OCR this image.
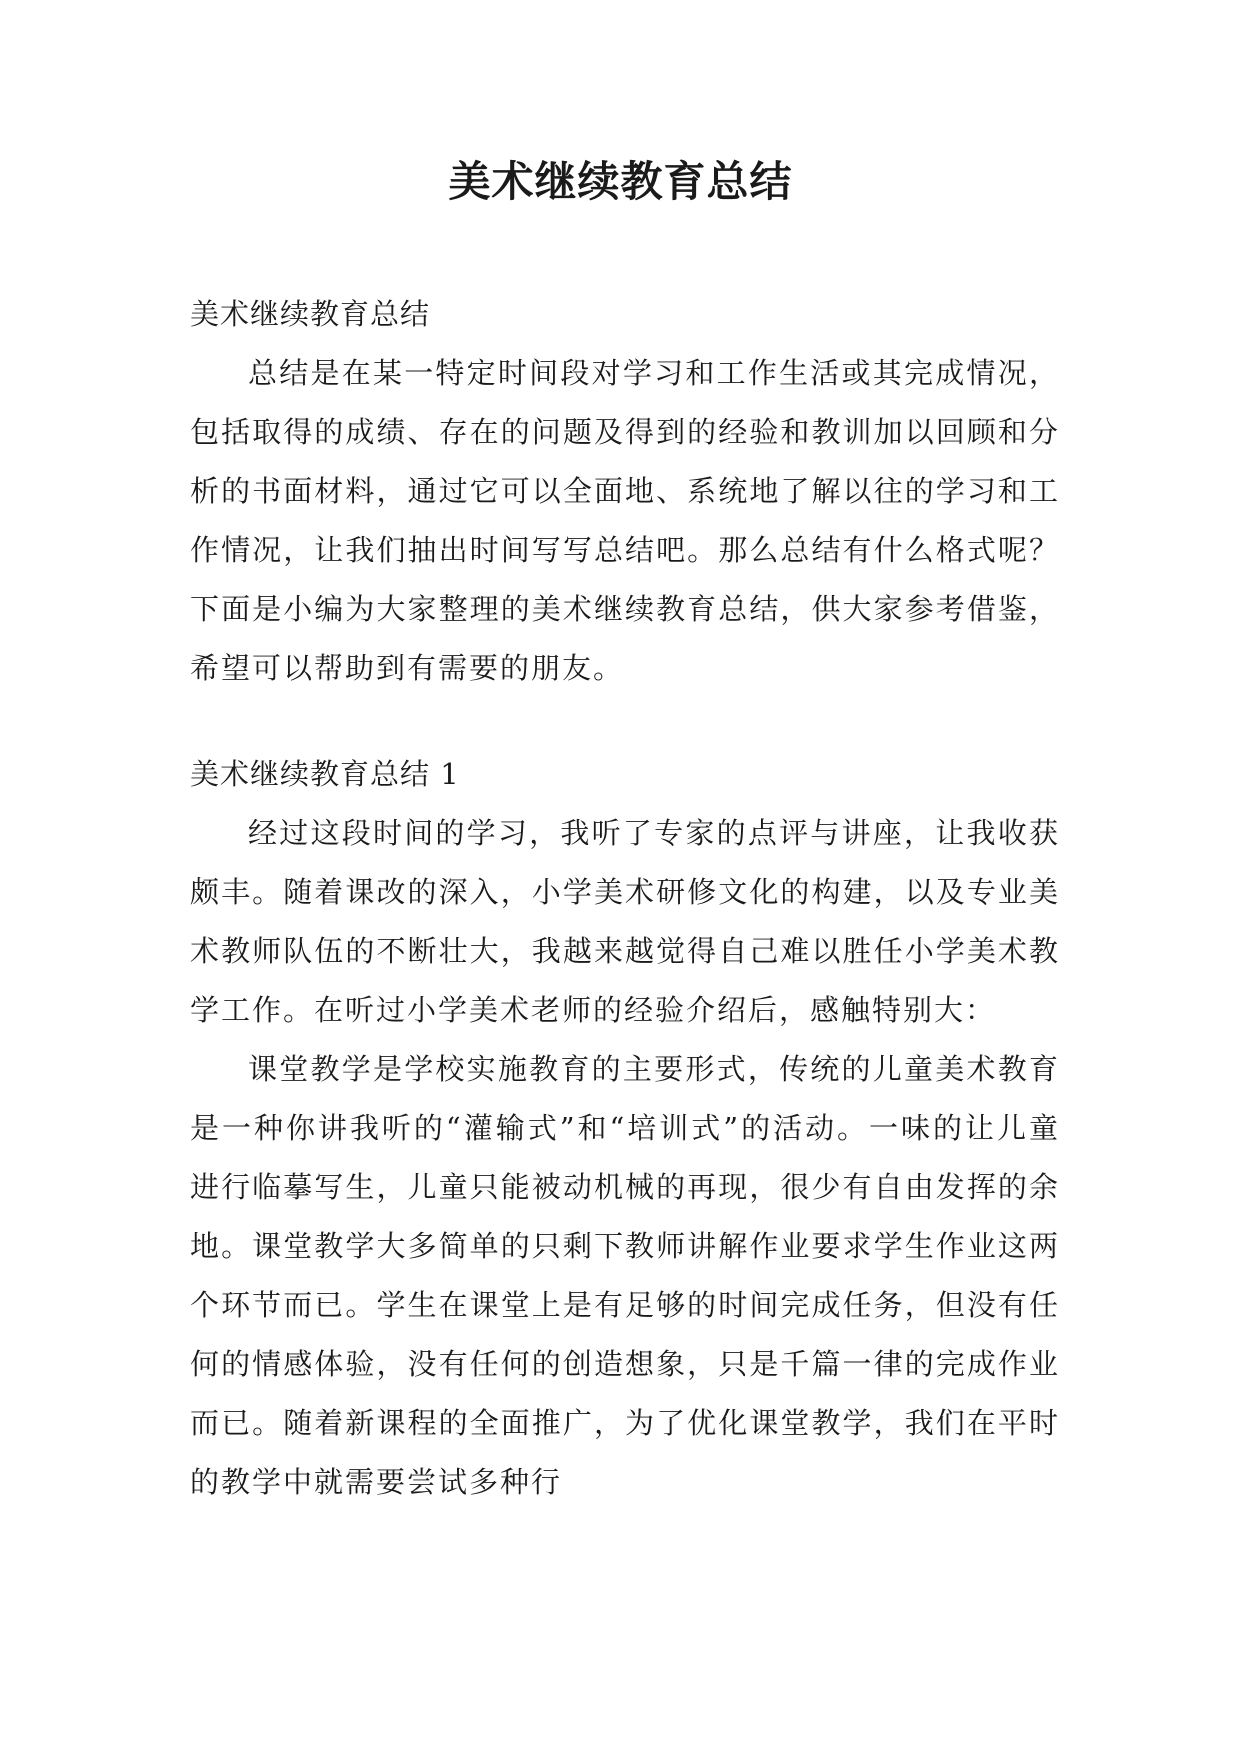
美术继续教育总结
美术继续教育总结

总结是在某一特定时间段对学习和工作生活或其完成情况，包括取得的成绩、存在的问题及得到的经验和教训加以回顾和分析的书面材料，通过它可以全面地、系统地了解以往的学习和工作情况，让我们抽出时间写写总结吧。那么总结有什么格式呢？下面是小编为大家整理的美术继续教育总结，供大家参考借鉴，希望可以帮助到有需要的朋友。

美术继续教育总结 1

经过这段时间的学习，我听了专家的点评与讲座，让我收获颇丰。随着课改的深入，小学美术研修文化的构建，以及专业美术教师队伍的不断壮大，我越来越觉得自己难以胜任小学美术教学工作。在听过小学美术老师的经验介绍后，感触特别大：

课堂教学是学校实施教育的主要形式，传统的儿童美术教育是一种你讲我听的“灌输式”和“培训式”的活动。一味的让儿童进行临摹写生，儿童只能被动机械的再现，很少有自由发挥的余地。课堂教学大多简单的只剩下教师讲解作业要求学生作业这两个环节而已。学生在课堂上是有足够的时间完成任务，但没有任何的情感体验，没有任何的创造想象，只是千篇一律的完成作业而已。随着新课程的全面推广，为了优化课堂教学，我们在平时的教学中就需要尝试多种行
